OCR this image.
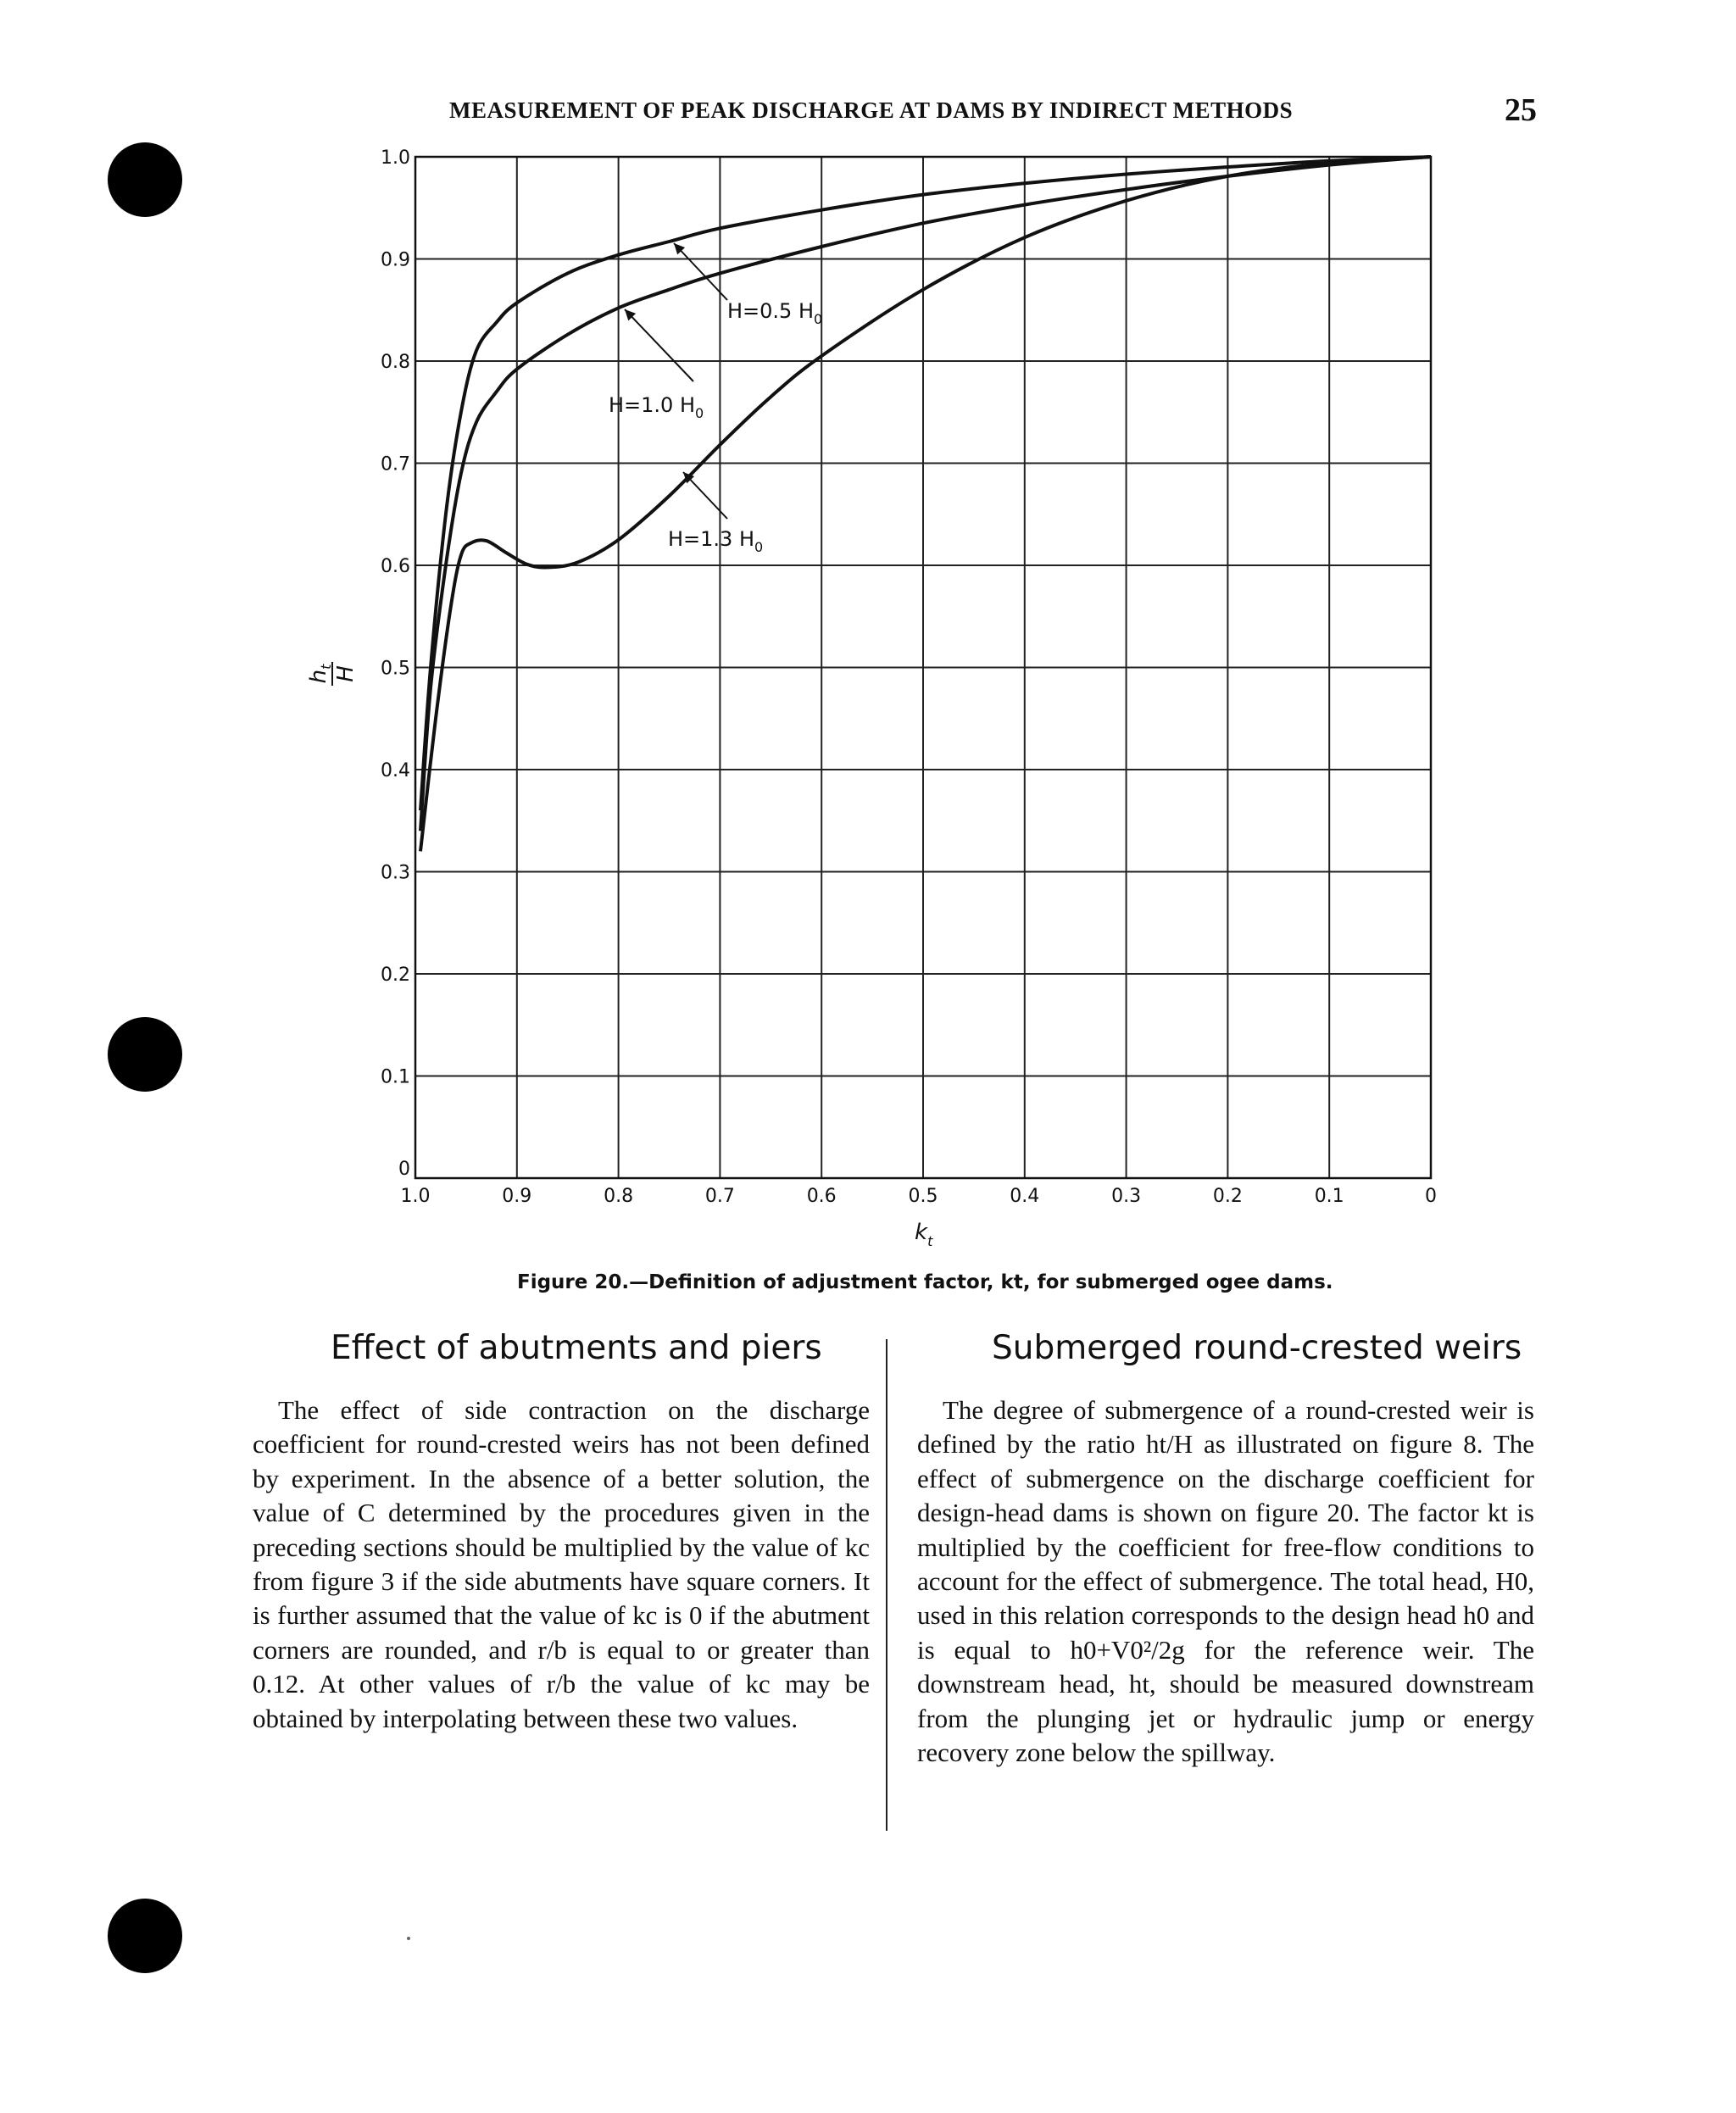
MEASUREMENT OF PEAK DISCHARGE AT DAMS BY INDIRECT METHODS	25
1.0	0.9	0.8	0.7	0.6	0.5	0.4	0.3	0.2	0.1	0
0
0.1
0.2
0.3
0.4
0.5
0.6
0.7
0.8
0.9
1.0
$k_t$
$h_t$ H
H=0.5 $H_0$
H=1.0 $H_0$
H=1.3 $H_0$
Figure 20.—Definition of adjustment factor, kt, for submerged ogee dams.
Effect of abutments and piers
The effect of side contraction on the discharge coefficient for round-crested weirs has not been defined by experiment. In the absence of a better solution, the value of C determined by the procedures given in the preceding sections should be multiplied by the value of kc from figure 3 if the side abutments have square corners. It is further assumed that the value of kc is 0 if the abutment corners are rounded, and r/b is equal to or greater than 0.12. At other values of r/b the value of kc may be obtained by interpolating between these two values.
Submerged round-crested weirs
The degree of submergence of a round-crested weir is defined by the ratio ht/H as illustrated on figure 8. The effect of submergence on the discharge coefficient for design-head dams is shown on figure 20. The factor kt is multiplied by the coefficient for free-flow conditions to account for the effect of submergence. The total head, H0, used in this relation corresponds to the design head h0 and is equal to h0+V0²/2g for the reference weir. The downstream head, ht, should be measured downstream from the plunging jet or hydraulic jump or energy recovery zone below the spillway.
